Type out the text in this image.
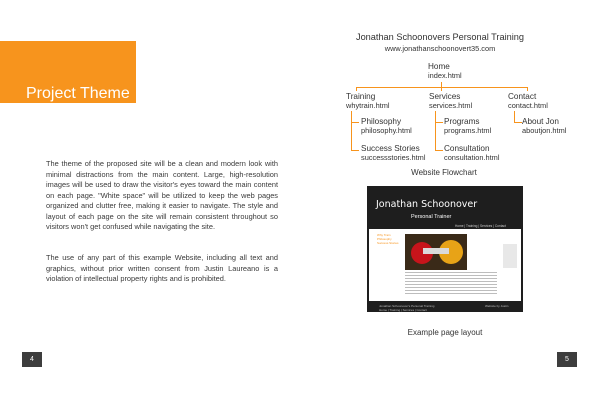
Project Theme
The theme of the proposed site will be a clean and modern look with minimal distractions from the main content. Large, high-resolution images will be used to draw the visitor's eyes toward the main content on each page. "White space" will be utilized to keep the web pages organized and clutter free, making it easier to navigate. The style and layout of each page on the site will remain consistent throughout so visitors won't get confused while navigating the site.
The use of any part of this example Website, including all text and graphics, without prior written consent from Justin Laureano is a violation of intellectual property rights and is prohibited.
4
Jonathan Schoonovers Personal Training
www.jonathanschoonovert35.com
Home
index.html
Training
whytrain.html
Services
services.html
Contact
contact.html
Philosophy
philosophy.html
Success Stories
successstories.html
Programs
programs.html
Consultation
consultation.html
About Jon
aboutjon.html
Website Flowchart
Jonathan Schoonover
Personal Trainer
Home | Training | Services | Contact
Why Train
Philosophy
Success Stories
Jonathan Schoonover's Personal Training
Home | Training | Services | Contact
Website by Justin
Example page layout
5
